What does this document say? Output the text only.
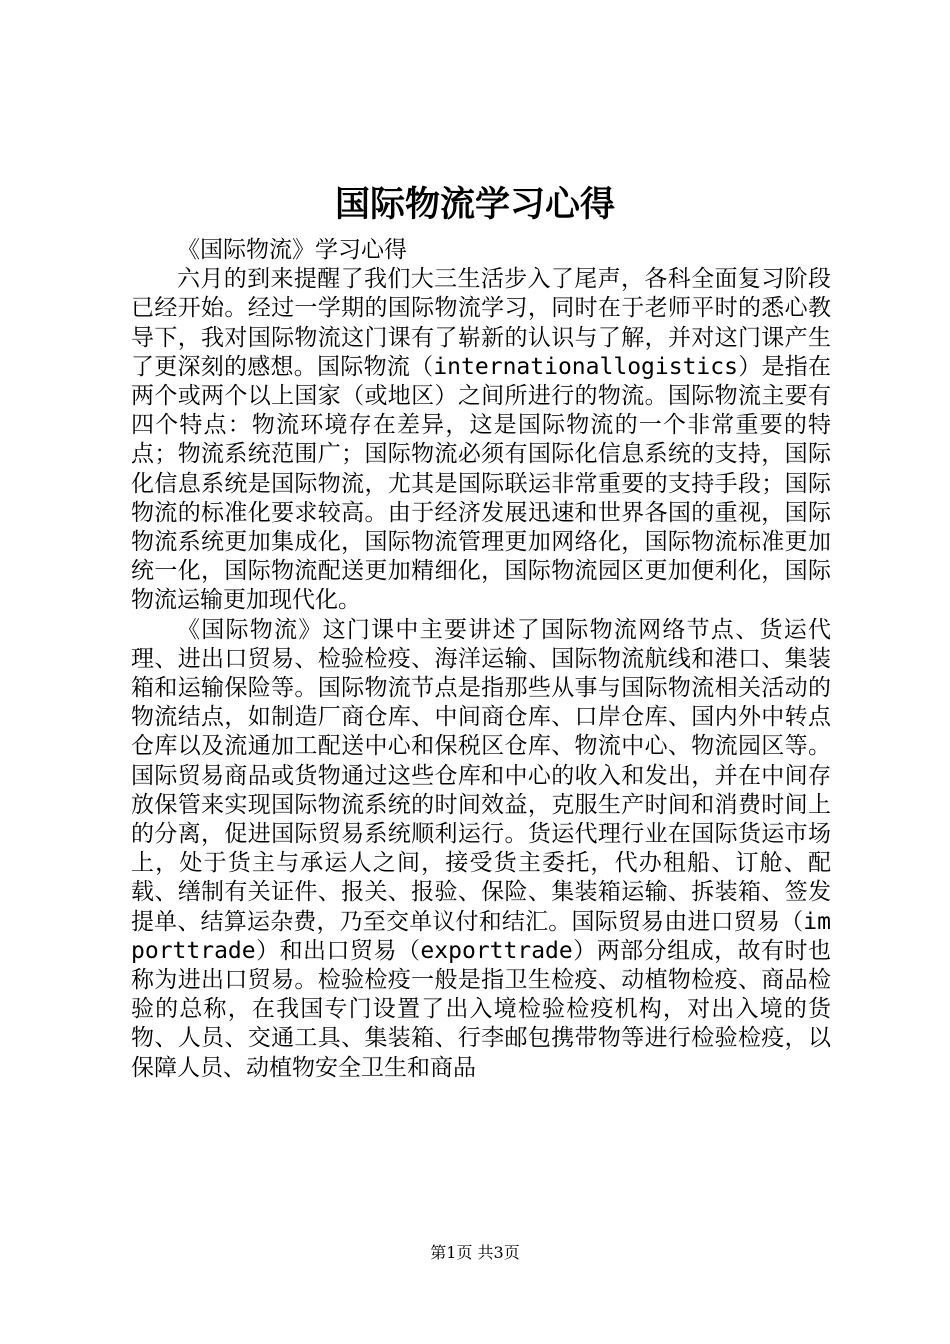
国际物流学习心得

《国际物流》学习心得

六月的到来提醒了我们大三生活步入了尾声，各科全面复习阶段已经开始。经过一学期的国际物流学习，同时在于老师平时的悉心教导下，我对国际物流这门课有了崭新的认识与了解，并对这门课产生了更深刻的感想。国际物流（internationallogistics）是指在两个或两个以上国家（或地区）之间所进行的物流。国际物流主要有四个特点：物流环境存在差异，这是国际物流的一个非常重要的特点；物流系统范围广；国际物流必须有国际化信息系统的支持，国际化信息系统是国际物流，尤其是国际联运非常重要的支持手段；国际物流的标准化要求较高。由于经济发展迅速和世界各国的重视，国际物流系统更加集成化，国际物流管理更加网络化，国际物流标准更加统一化，国际物流配送更加精细化，国际物流园区更加便利化，国际物流运输更加现代化。

《国际物流》这门课中主要讲述了国际物流网络节点、货运代理、进出口贸易、检验检疫、海洋运输、国际物流航线和港口、集装箱和运输保险等。国际物流节点是指那些从事与国际物流相关活动的物流结点，如制造厂商仓库、中间商仓库、口岸仓库、国内外中转点仓库以及流通加工配送中心和保税区仓库、物流中心、物流园区等。国际贸易商品或货物通过这些仓库和中心的收入和发出，并在中间存放保管来实现国际物流系统的时间效益，克服生产时间和消费时间上的分离，促进国际贸易系统顺利运行。货运代理行业在国际货运市场上，处于货主与承运人之间，接受货主委托，代办租船、订舱、配载、缮制有关证件、报关、报验、保险、集装箱运输、拆装箱、签发提单、结算运杂费，乃至交单议付和结汇。国际贸易由进口贸易（importtrade）和出口贸易（exporttrade）两部分组成，故有时也称为进出口贸易。检验检疫一般是指卫生检疫、动植物检疫、商品检验的总称，在我国专门设置了出入境检验检疫机构，对出入境的货物、人员、交通工具、集装箱、行李邮包携带物等进行检验检疫，以保障人员、动植物安全卫生和商品

第1页 共3页
